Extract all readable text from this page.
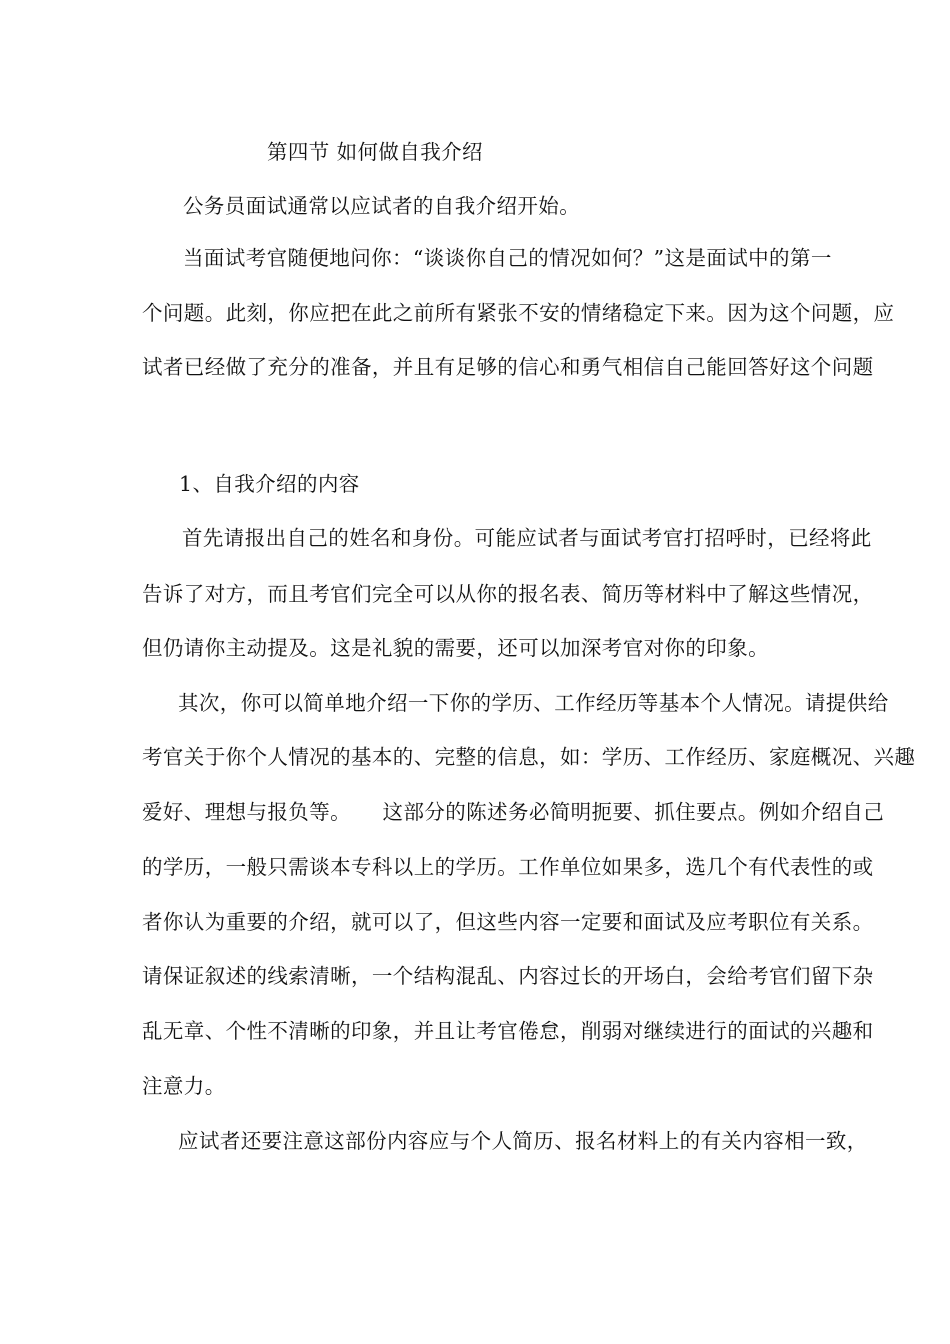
第四节 如何做自我介绍
公务员面试通常以应试者的自我介绍开始。
当面试考官随便地问你：“谈谈你自己的情况如何？”这是面试中的第一
个问题。此刻，你应把在此之前所有紧张不安的情绪稳定下来。因为这个问题，应
试者已经做了充分的准备，并且有足够的信心和勇气相信自己能回答好这个问题
1、自我介绍的内容
首先请报出自己的姓名和身份。可能应试者与面试考官打招呼时，已经将此
告诉了对方，而且考官们完全可以从你的报名表、简历等材料中了解这些情况，
但仍请你主动提及。这是礼貌的需要，还可以加深考官对你的印象。
其次，你可以简单地介绍一下你的学历、工作经历等基本个人情况。请提供给
考官关于你个人情况的基本的、完整的信息，如：学历、工作经历、家庭概况、兴趣
爱好、理想与报负等。　　这部分的陈述务必简明扼要、抓住要点。例如介绍自己
的学历，一般只需谈本专科以上的学历。工作单位如果多，选几个有代表性的或
者你认为重要的介绍，就可以了，但这些内容一定要和面试及应考职位有关系。
请保证叙述的线索清晰，一个结构混乱、内容过长的开场白，会给考官们留下杂
乱无章、个性不清晰的印象，并且让考官倦怠，削弱对继续进行的面试的兴趣和
注意力。
应试者还要注意这部份内容应与个人简历、报名材料上的有关内容相一致，
